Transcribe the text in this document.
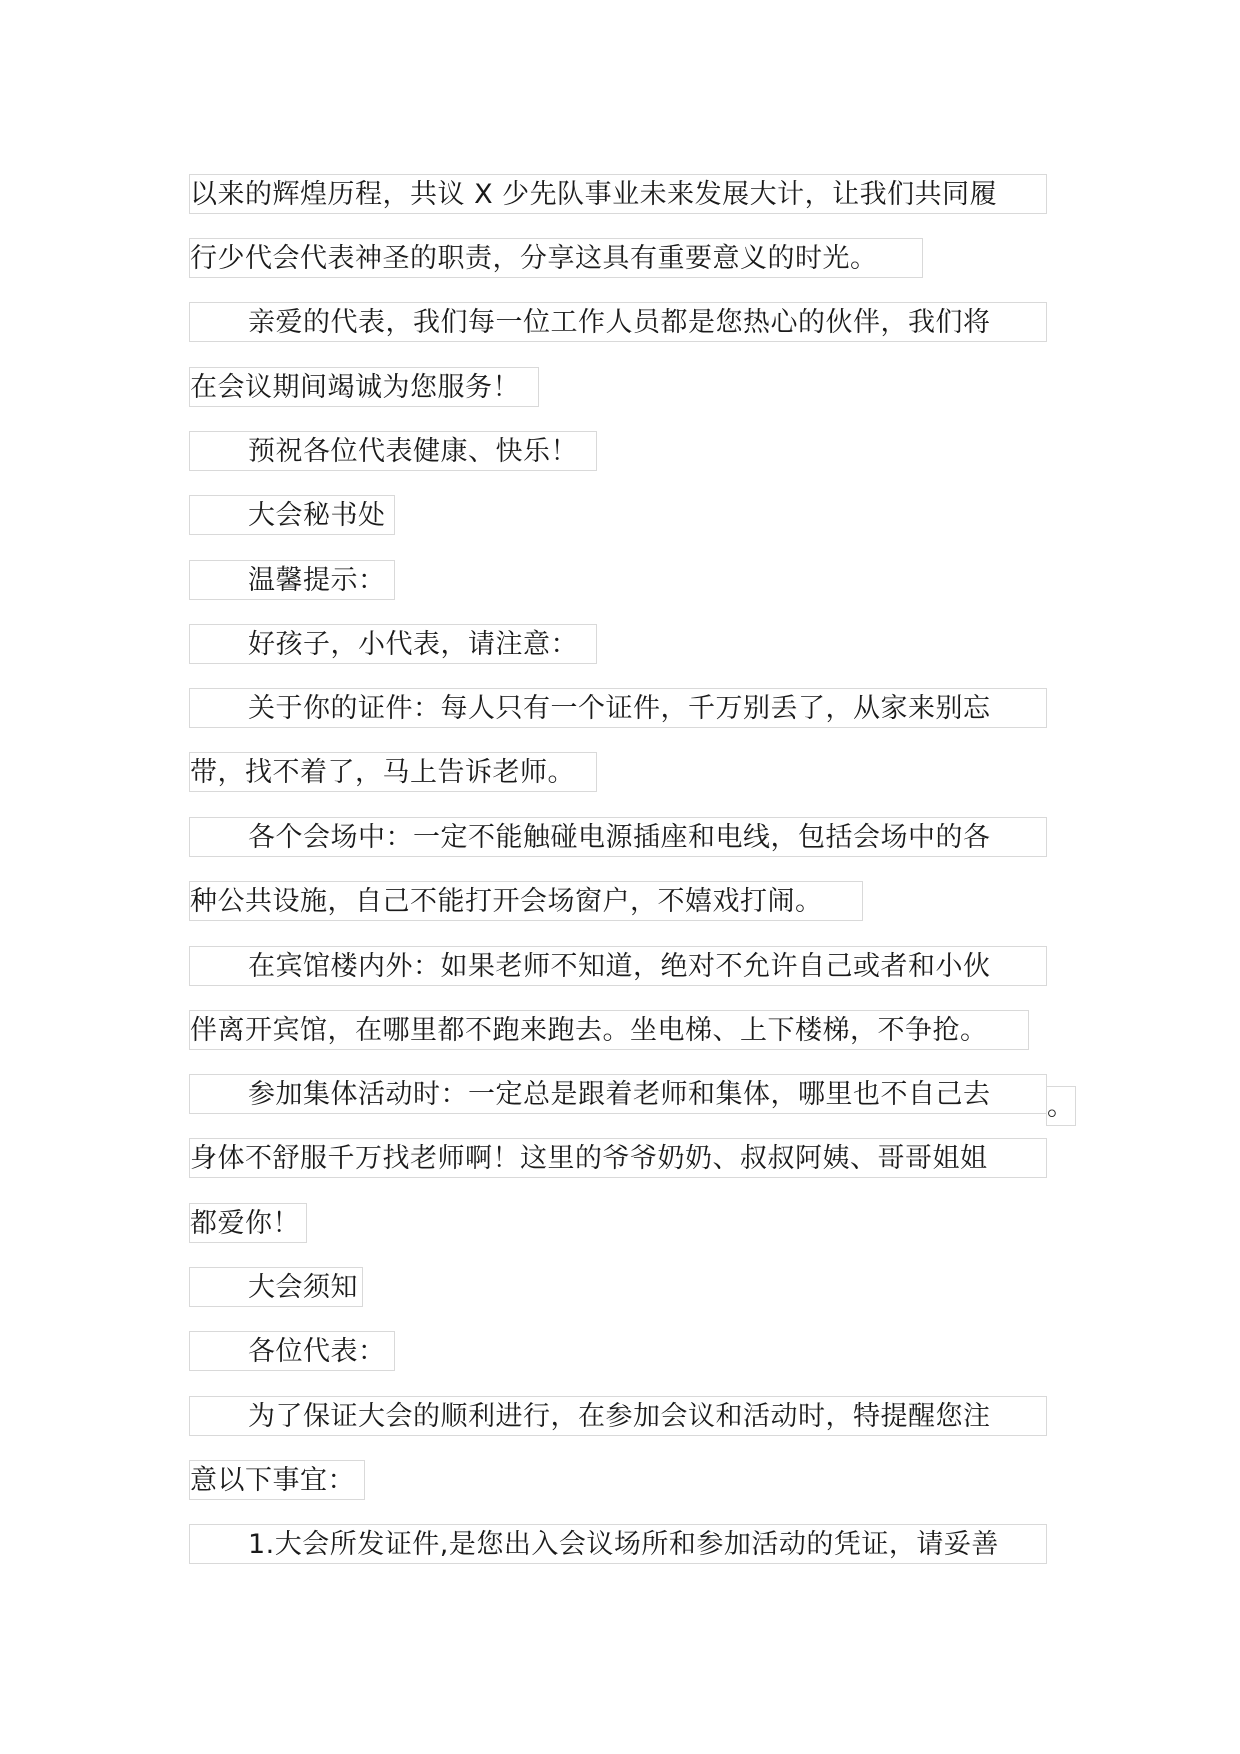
以来的辉煌历程，共议 X 少先队事业未来发展大计，让我们共同履
行少代会代表神圣的职责，分享这具有重要意义的时光。
亲爱的代表，我们每一位工作人员都是您热心的伙伴，我们将
在会议期间竭诚为您服务！
预祝各位代表健康、快乐！
大会秘书处
温馨提示：
好孩子，小代表，请注意：
关于你的证件：每人只有一个证件，千万别丢了，从家来别忘
带，找不着了，马上告诉老师。
各个会场中：一定不能触碰电源插座和电线，包括会场中的各
种公共设施，自己不能打开会场窗户，不嬉戏打闹。
在宾馆楼内外：如果老师不知道，绝对不允许自己或者和小伙
伴离开宾馆，在哪里都不跑来跑去。坐电梯、上下楼梯，不争抢。
参加集体活动时：一定总是跟着老师和集体，哪里也不自己去	。
身体不舒服千万找老师啊！这里的爷爷奶奶、叔叔阿姨、哥哥姐姐
都爱你！
大会须知
各位代表：
为了保证大会的顺利进行，在参加会议和活动时，特提醒您注
意以下事宜：
1.大会所发证件,是您出入会议场所和参加活动的凭证，请妥善
